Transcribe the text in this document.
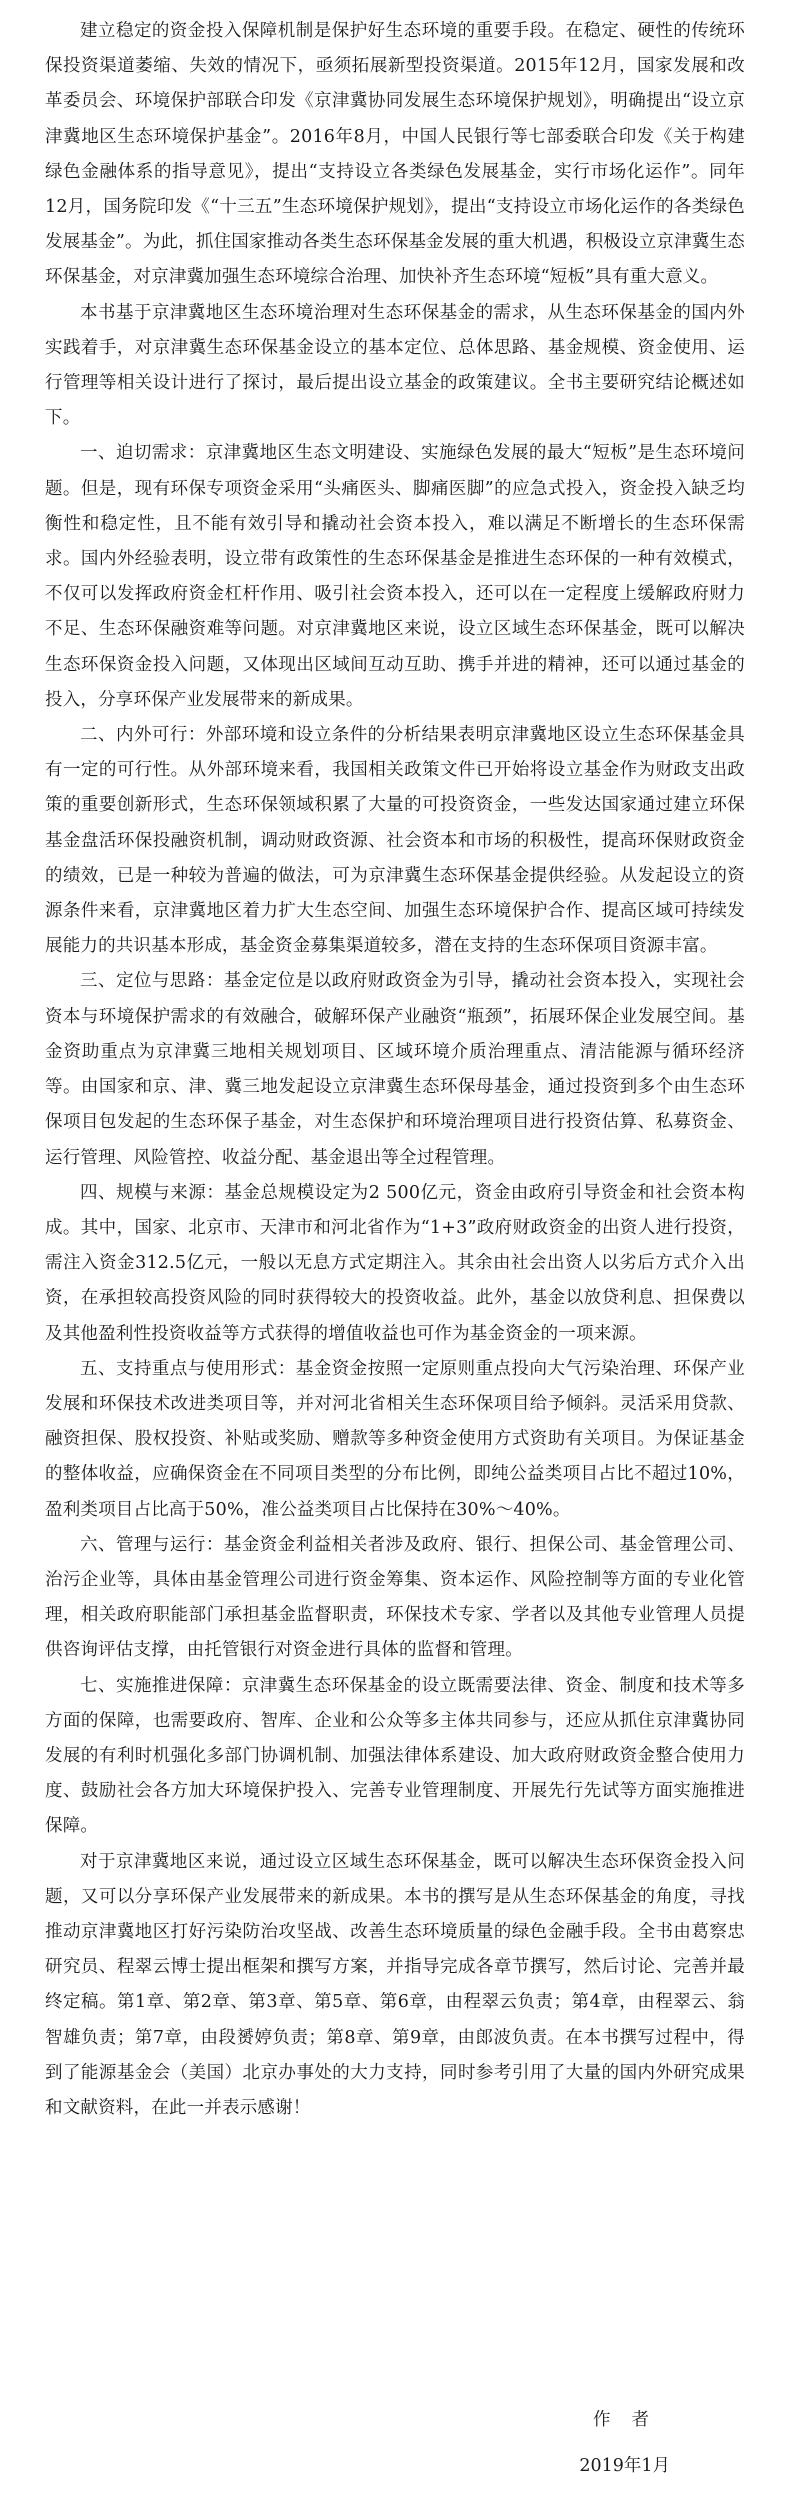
建立稳定的资金投入保障机制是保护好生态环境的重要手段。在稳定、硬性的传统环保投资渠道萎缩、失效的情况下，亟须拓展新型投资渠道。2015年12月，国家发展和改革委员会、环境保护部联合印发《京津冀协同发展生态环境保护规划》，明确提出“设立京津冀地区生态环境保护基金”。2016年8月，中国人民银行等七部委联合印发《关于构建绿色金融体系的指导意见》，提出“支持设立各类绿色发展基金，实行市场化运作”。同年12月，国务院印发《“十三五”生态环境保护规划》，提出“支持设立市场化运作的各类绿色发展基金”。为此，抓住国家推动各类生态环保基金发展的重大机遇，积极设立京津冀生态环保基金，对京津冀加强生态环境综合治理、加快补齐生态环境“短板”具有重大意义。

本书基于京津冀地区生态环境治理对生态环保基金的需求，从生态环保基金的国内外实践着手，对京津冀生态环保基金设立的基本定位、总体思路、基金规模、资金使用、运行管理等相关设计进行了探讨，最后提出设立基金的政策建议。全书主要研究结论概述如下。

一、迫切需求：京津冀地区生态文明建设、实施绿色发展的最大“短板”是生态环境问题。但是，现有环保专项资金采用“头痛医头、脚痛医脚”的应急式投入，资金投入缺乏均衡性和稳定性，且不能有效引导和撬动社会资本投入，难以满足不断增长的生态环保需求。国内外经验表明，设立带有政策性的生态环保基金是推进生态环保的一种有效模式，不仅可以发挥政府资金杠杆作用、吸引社会资本投入，还可以在一定程度上缓解政府财力不足、生态环保融资难等问题。对京津冀地区来说，设立区域生态环保基金，既可以解决生态环保资金投入问题，又体现出区域间互动互助、携手并进的精神，还可以通过基金的投入，分享环保产业发展带来的新成果。

二、内外可行：外部环境和设立条件的分析结果表明京津冀地区设立生态环保基金具有一定的可行性。从外部环境来看，我国相关政策文件已开始将设立基金作为财政支出政策的重要创新形式，生态环保领域积累了大量的可投资资金，一些发达国家通过建立环保基金盘活环保投融资机制，调动财政资源、社会资本和市场的积极性，提高环保财政资金的绩效，已是一种较为普遍的做法，可为京津冀生态环保基金提供经验。从发起设立的资源条件来看，京津冀地区着力扩大生态空间、加强生态环境保护合作、提高区域可持续发展能力的共识基本形成，基金资金募集渠道较多，潜在支持的生态环保项目资源丰富。

三、定位与思路：基金定位是以政府财政资金为引导，撬动社会资本投入，实现社会资本与环境保护需求的有效融合，破解环保产业融资“瓶颈”，拓展环保企业发展空间。基金资助重点为京津冀三地相关规划项目、区域环境介质治理重点、清洁能源与循环经济等。由国家和京、津、冀三地发起设立京津冀生态环保母基金，通过投资到多个由生态环保项目包发起的生态环保子基金，对生态保护和环境治理项目进行投资估算、私募资金、运行管理、风险管控、收益分配、基金退出等全过程管理。

四、规模与来源：基金总规模设定为2 500亿元，资金由政府引导资金和社会资本构成。其中，国家、北京市、天津市和河北省作为“1+3”政府财政资金的出资人进行投资，需注入资金312.5亿元，一般以无息方式定期注入。其余由社会出资人以劣后方式介入出资，在承担较高投资风险的同时获得较大的投资收益。此外，基金以放贷利息、担保费以及其他盈利性投资收益等方式获得的增值收益也可作为基金资金的一项来源。

五、支持重点与使用形式：基金资金按照一定原则重点投向大气污染治理、环保产业发展和环保技术改进类项目等，并对河北省相关生态环保项目给予倾斜。灵活采用贷款、融资担保、股权投资、补贴或奖励、赠款等多种资金使用方式资助有关项目。为保证基金的整体收益，应确保资金在不同项目类型的分布比例，即纯公益类项目占比不超过10%，盈利类项目占比高于50%，准公益类项目占比保持在30%～40%。

六、管理与运行：基金资金利益相关者涉及政府、银行、担保公司、基金管理公司、治污企业等，具体由基金管理公司进行资金筹集、资本运作、风险控制等方面的专业化管理，相关政府职能部门承担基金监督职责，环保技术专家、学者以及其他专业管理人员提供咨询评估支撑，由托管银行对资金进行具体的监督和管理。

七、实施推进保障：京津冀生态环保基金的设立既需要法律、资金、制度和技术等多方面的保障，也需要政府、智库、企业和公众等多主体共同参与，还应从抓住京津冀协同发展的有利时机强化多部门协调机制、加强法律体系建设、加大政府财政资金整合使用力度、鼓励社会各方加大环境保护投入、完善专业管理制度、开展先行先试等方面实施推进保障。

对于京津冀地区来说，通过设立区域生态环保基金，既可以解决生态环保资金投入问题，又可以分享环保产业发展带来的新成果。本书的撰写是从生态环保基金的角度，寻找推动京津冀地区打好污染防治攻坚战、改善生态环境质量的绿色金融手段。全书由葛察忠研究员、程翠云博士提出框架和撰写方案，并指导完成各章节撰写，然后讨论、完善并最终定稿。第1章、第2章、第3章、第5章、第6章，由程翠云负责；第4章，由程翠云、翁智雄负责；第7章，由段赟婷负责；第8章、第9章，由郎波负责。在本书撰写过程中，得到了能源基金会（美国）北京办事处的大力支持，同时参考引用了大量的国内外研究成果和文献资料，在此一并表示感谢！

作者
2019年1月
